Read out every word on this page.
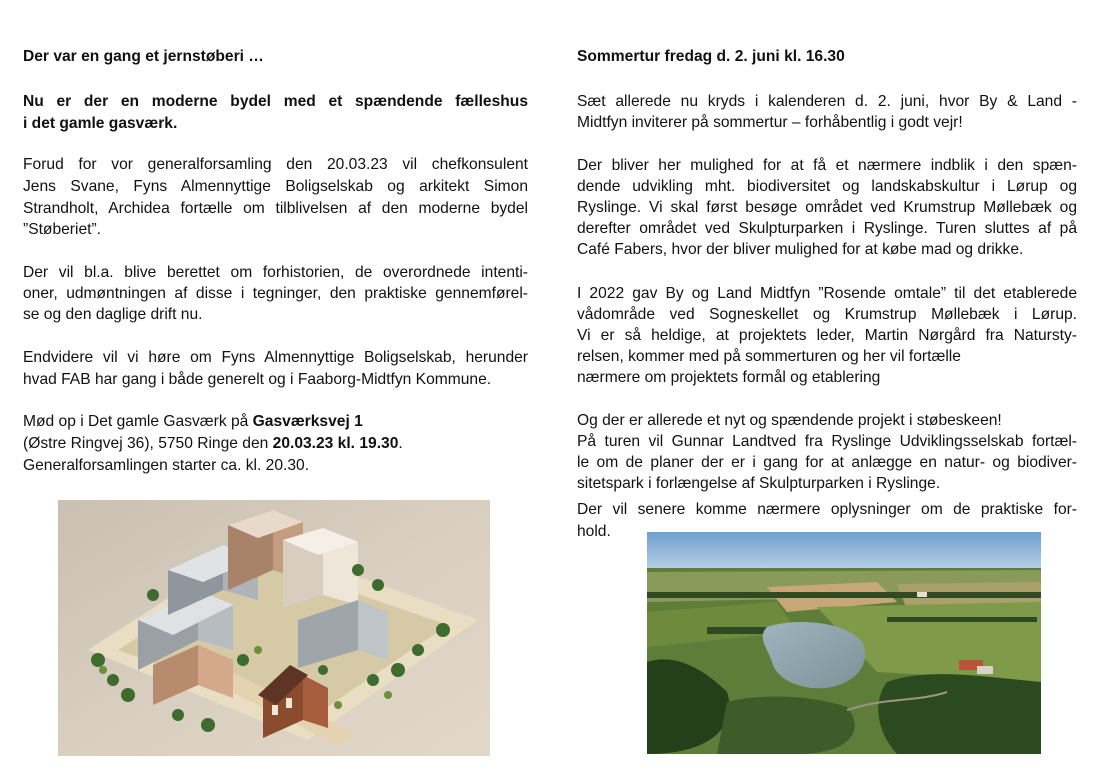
Der var en gang et jernstøberi …
Nu er der en moderne bydel med et spændende fælleshus
i det gamle gasværk.
Forud for vor generalforsamling den 20.03.23 vil chefkonsulent
Jens Svane, Fyns Almennyttige Boligselskab og arkitekt Simon
Strandholt, Archidea fortælle om tilblivelsen af den moderne bydel
”Støberiet”.
Der vil bl.a. blive berettet om forhistorien, de overordnede intenti-
oner, udmøntningen af disse i tegninger, den praktiske gennemførel-
se og den daglige drift nu.
Endvidere vil vi høre om Fyns Almennyttige Boligselskab, herunder
hvad FAB har gang i både generelt og i Faaborg-Midtfyn Kommune.
Mød op i Det gamle Gasværk på Gasværksvej 1
(Østre Ringvej 36), 5750 Ringe den 20.03.23 kl. 19.30.
Generalforsamlingen starter ca. kl. 20.30.
Sommertur fredag d. 2. juni kl. 16.30
Sæt allerede nu kryds i kalenderen d. 2. juni, hvor By & Land -
Midtfyn inviterer på sommertur – forhåbentlig i godt vejr!
Der bliver her mulighed for at få et nærmere indblik i den spæn-
dende udvikling mht. biodiversitet og landskabskultur i Lørup og
Ryslinge. Vi skal først besøge området ved Krumstrup Møllebæk og
derefter området ved Skulpturparken i Ryslinge. Turen sluttes af på
Café Fabers, hvor der bliver mulighed for at købe mad og drikke.
I 2022 gav By og Land Midtfyn ”Rosende omtale” til det etablerede
vådområde ved Sogneskellet og Krumstrup Møllebæk i Lørup.
Vi er så heldige, at projektets leder, Martin Nørgård fra Natursty-
relsen, kommer med på sommerturen og her vil fortælle
nærmere om projektets formål og etablering
Og der er allerede et nyt og spændende projekt i støbeskeen!
På turen vil Gunnar Landtved fra Ryslinge Udviklingsselskab fortæl-
le om de planer der er i gang for at anlægge en natur- og biodiver-
sitetspark i forlængelse af Skulpturparken i Ryslinge.
Der vil senere komme nærmere oplysninger om de praktiske for-
hold.
